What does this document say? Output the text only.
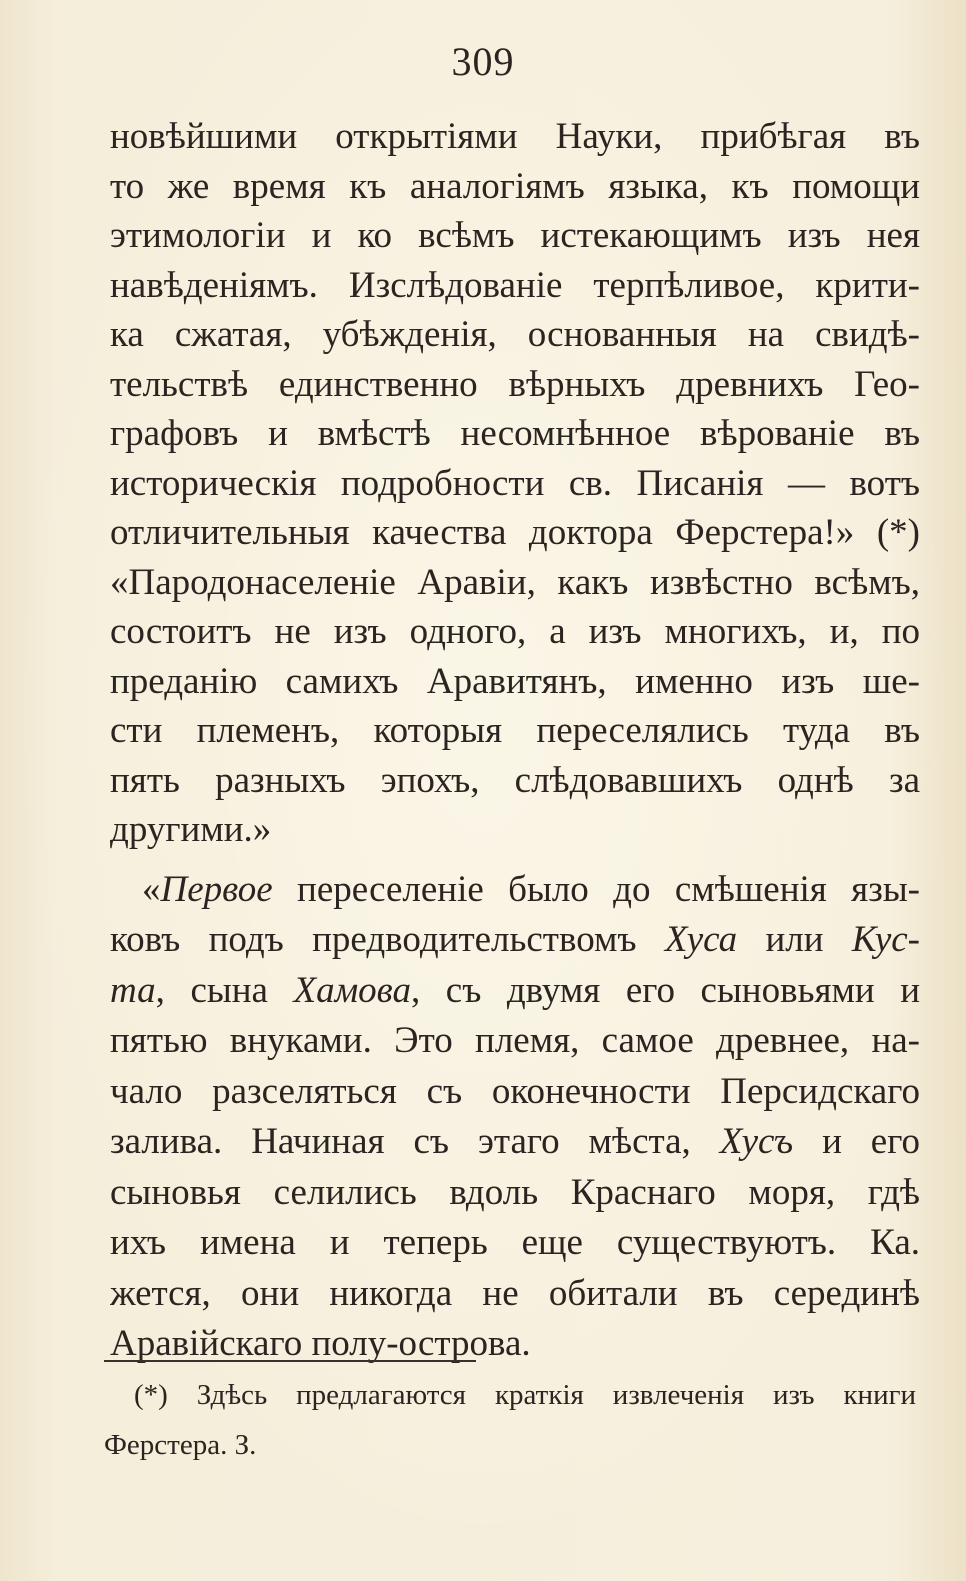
309
новѣйшими открытіями Науки, прибѣгая въ
то же время къ аналогіямъ языка, къ помощи
этимологіи и ко всѣмъ истекающимъ изъ нея
навѣденіямъ. Изслѣдованіе терпѣливое, крити-
ка сжатая, убѣжденія, основанныя на свидѣ-
тельствѣ единственно вѣрныхъ древнихъ Гео-
графовъ и вмѣстѣ несомнѣнное вѣрованіе въ
историческія подробности св. Писанія — вотъ
отличительныя качества доктора Ферстера!» (*)
«Пародонаселеніе Аравіи, какъ извѣстно всѣмъ,
состоитъ не изъ одного, а изъ многихъ, и, по
преданію самихъ Аравитянъ, именно изъ ше-
сти племенъ, которыя переселялись туда въ
пять разныхъ эпохъ, слѣдовавшихъ однѣ за
другими.»
«Первое переселеніе было до смѣшенія язы-
ковъ подъ предводительствомъ Хуса или Кус-
та, сына Хамова, съ двумя его сыновьями и
пятью внуками. Это племя, самое древнее, на-
чало разселяться съ оконечности Персидскаго
залива. Начиная съ этаго мѣста, Хусъ и его
сыновья селились вдоль Краснаго моря, гдѣ
ихъ имена и теперь еще существуютъ. Ка.
жется, они никогда не обитали въ серединѣ
Аравійскаго полу-острова.
(*) Здѣсь предлагаются краткія извлеченія изъ книги
Ферстера. З.
